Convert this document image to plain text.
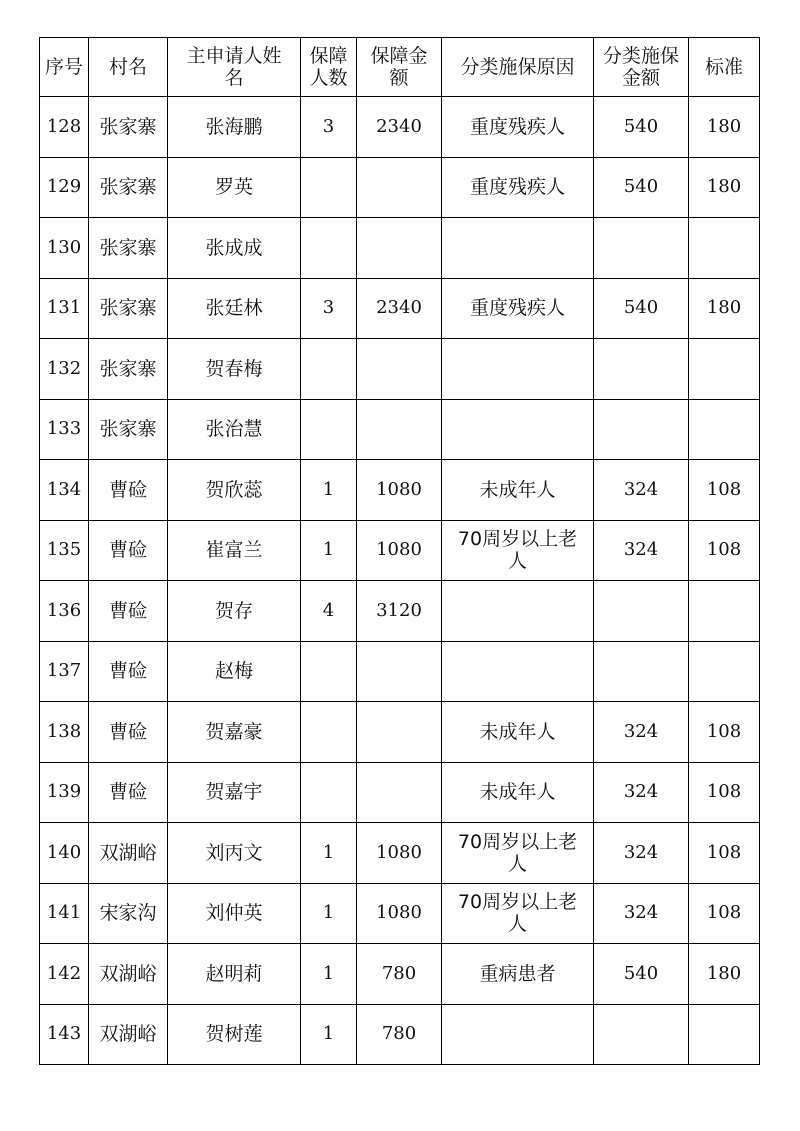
序号	村名	主申请人姓名	保障人数	保障金额	分类施保原因	分类施保金额	标准
128	张家寨	张海鹏	3	2340	重度残疾人	540	180
129	张家寨	罗英			重度残疾人	540	180
130	张家寨	张成成					
131	张家寨	张廷林	3	2340	重度残疾人	540	180
132	张家寨	贺春梅					
133	张家寨	张治慧					
134	曹硷	贺欣蕊	1	1080	未成年人	324	108
135	曹硷	崔富兰	1	1080	70周岁以上老人	324	108
136	曹硷	贺存	4	3120			
137	曹硷	赵梅					
138	曹硷	贺嘉豪			未成年人	324	108
139	曹硷	贺嘉宇			未成年人	324	108
140	双湖峪	刘丙文	1	1080	70周岁以上老人	324	108
141	宋家沟	刘仲英	1	1080	70周岁以上老人	324	108
142	双湖峪	赵明莉	1	780	重病患者	540	180
143	双湖峪	贺树莲	1	780			
